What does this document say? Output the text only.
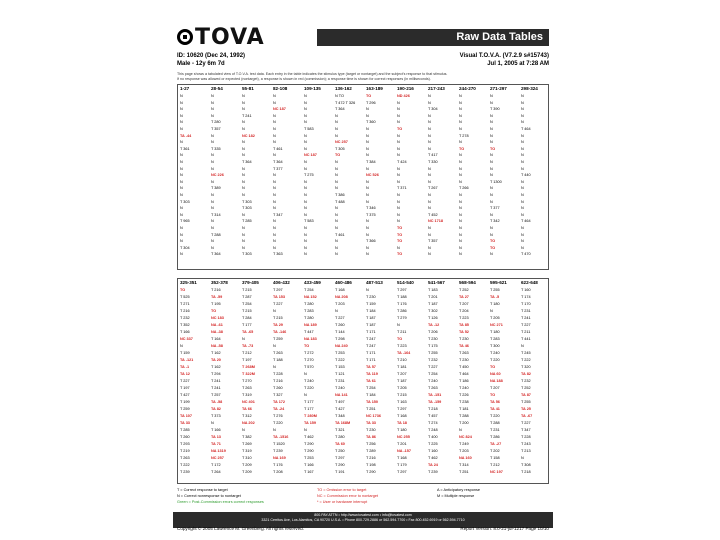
TOVA	Raw Data Tables
ID: 10620 (Dec 24, 1992)
Male - 12y 6m 7d
Visual T.O.V.A. (V7.2.9 s#15743)
Jul 1, 2005 at 7:28 AM
This page shows a tabulated view of T.O.V.A. test data. Each entry in the table indicates the stimulus type (target or nontarget) and the subject's response to that stimulus.
If no response was allowed or expected (nontarget), a response is shown in red (commission); a response time is shown for correct responses (in milliseconds).
1-27	28-54	55-81	82-108	109-135	136-162	163-189	190-216	217-243	244-270	271-297	298-324
N	N	N	N	N	N TO	TO	ND 426	N	N	N	N
N	N	N	N	N	T 472 T 326	T 296	N	N	N	N	N
N	N	N	NC 187	N	T 364	N	N	T 304	N	T 390	N
N	N	T 241	N	N	N	N	N	N	N	N	N
N	T 280	N	N	N	N	T 360	N	N	N	N	N
N	T 357	N	N	T 583	N	N	TO	N	N	N	T 464
TA -44	N	NC 182	N	N	N	N	N	N	T 278	N	N
N	N	N	N	N	NC 257	N	N	N	N	N	N
T 361	T 335	N	T 461	N	T 305	N	N	N	TO	TO	N
N	N	N	N	NC 187	TO	N	N	T 417	N	N	N
N	N	T 364	T 364	N	N	T 384	T 424	T 330	N	N	N
N	N	N	T 377	N	N	N	N	N	N	N	N
N	NC 226	N	N	T 275	N	NC 526	N	N	N	N	T 440
N	N	N	N	N	N	N	N	N	N	T 1300	N
N	T 389	N	N	N	N	N	T 371	T 267	T 266	N	N
N	N	N	N	N	T 386	N	N	N	N	N	N
T 303	N	T 303	N	N	T 488	N	N	N	N	N	N
N	N	T 303	N	N	N	T 346	N	N	N	T 377	N
N	T 314	N	T 347	N	N	T 375	N	T 452	N	N	N
T 965	N	T 285	N	T 583	N	N	N	NC 1718	N	T 342	T 464
N	N	N	N	N	N	N	TO	N	N	N	N
N	T 288	N	N	N	T 461	N	TO	N	N	N	N
N	N	N	N	N	N	T 366	TO	T 357	N	TO	N
T 304	N	N	N	N	N	N	N	N	N	TO	N
N	T 364	T 303	T 363	N	N	N	TO	N	N	N	T 470
325-351	352-378	379-405	406-432	433-459	460-486	487-513	514-540	541-567	568-594	595-621	622-648
TO	T 216	T 215	T 297	T 254	T 168	N	T 297	T 183	T 252	T 255	T 160
T 525	TA -59	T 287	TA 153	NA 152	NA 208	T 230	T 188	T 201	TA 27	TA -5	T 174
T 271	T 195	T 254	T 227	T 280	T 203	T 159	T 176	T 187	T 207	T 180	T 170
T 216	TO	T 215	N	T 283	N	T 184	T 286	T 302	T 204	N	T 231
T 232	NC 183	T 284	T 215	T 280	T 227	T 187	T 279	T 126	T 223	T 205	T 241
T 352	NA -61	T 177	TA 29	NA 189	T 260	T 187	N	TA -12	TA 85	NC 271	T 227
T 166	NA -38	TA -65	TA -146	T 447	T 144	T 171	T 211	T 206	TA 52	T 180	T 211
NC 337	T 164	N	T 259	NA 183	T 298	T 247	TO	T 230	T 230	T 283	T 441
N	NA -58	TA -73	N	TO	NA 240	T 247	T 223	T 175	TA 46	T 300	N
T 159	T 162	T 212	T 263	T 272	T 253	T 171	TA -164	T 255	T 263	T 240	T 245
TA -121	TA 20	T 197	T 188	T 270	T 222	T 171	T 210	T 232	T 230	T 220	T 222
TA -1	T 162	T 268M	N	T 570	T 153	TA 57	T 181	T 227	T 450	TO	T 320
TA 12	T 294	T 322M	T 228	N	T 121	TA 119	T 207	T 254	T 464	NA 60	TA 82
T 227	T 241	T 270	T 216	T 240	T 231	TA 61	T 187	T 240	T 186	NA 188	T 232
T 197	T 241	T 263	T 260	T 220	T 240	T 254	T 205	T 263	T 240	T 207	T 252
T 427	T 257	T 319	T 327	N	NA 141	T 184	T 215	TA -151	T 226	TO	TA 87
T 199	TA -58	NC 401	TA 172	T 177	T 497	TA 150	T 163	TA -159	T 238	TA 56	T 255
T 259	TA 82	TA 66	TA -24	T 177	T 427	T 251	T 297	T 218	T 181	TA 41	TA 25
TA 107	T 373	T 312	T 276	T 280M	T 348	NC 1736	T 168	T 457	T 288	T 220	TA -67
TA 33	N	NA 202	T 220	TA 159	TA 168M	TA 33	TA 18	T 274	T 200	T 288	T 227
T 285	T 166	N	N	N	T 321	T 230	T 180	T 248	N	T 231	T 347
T 260	TA 13	T 382	TA -1516	T 462	T 280	TA 86	NC 255	T 400	NC 824	T 286	T 228
T 293	TA 71	T 269	T 1520	T 290	TA 60	T 256	T 201	T 225	T 249	TA -27	T 243
T 219	NA 1319	T 319	T 239	T 290	T 250	T 289	NA -157	T 160	T 203	T 202	T 213
T 263	NC 257	T 310	NA 169	T 253	T 297	T 216	T 168	T 462	NA 160	T 158	N
T 222	T 172	T 209	T 176	T 166	T 290	T 198	T 179	TA 24	T 314	T 212	T 308
T 239	T 264	T 209	T 208	T 167	T 191	T 290	T 297	T 239	T 251	NC 197	T 218
T = Correct response to target
N = Correct nonresponse to nontarget
Green = Post-Commission errors correct responses
TO = Omission error to target
NC = Commission error to nontarget
* = User or hardware interrupt
A = Anticipatory response
M = Multiple response
800.PAY.ATTN • http://www.tovatest.com • info@tovatest.com
3321 Cerritos Ave, Los Alamitos, CA 90720 U.S.A. • Phone 800.729.2886 or 562.594.7700 • Fax 800.452.6919 or 562.594.7710
Copyright © 2005 Lawrence M. Greenberg. All rights reserved.	Report Version: 8.0-21-jul-1217 Page 10/10
